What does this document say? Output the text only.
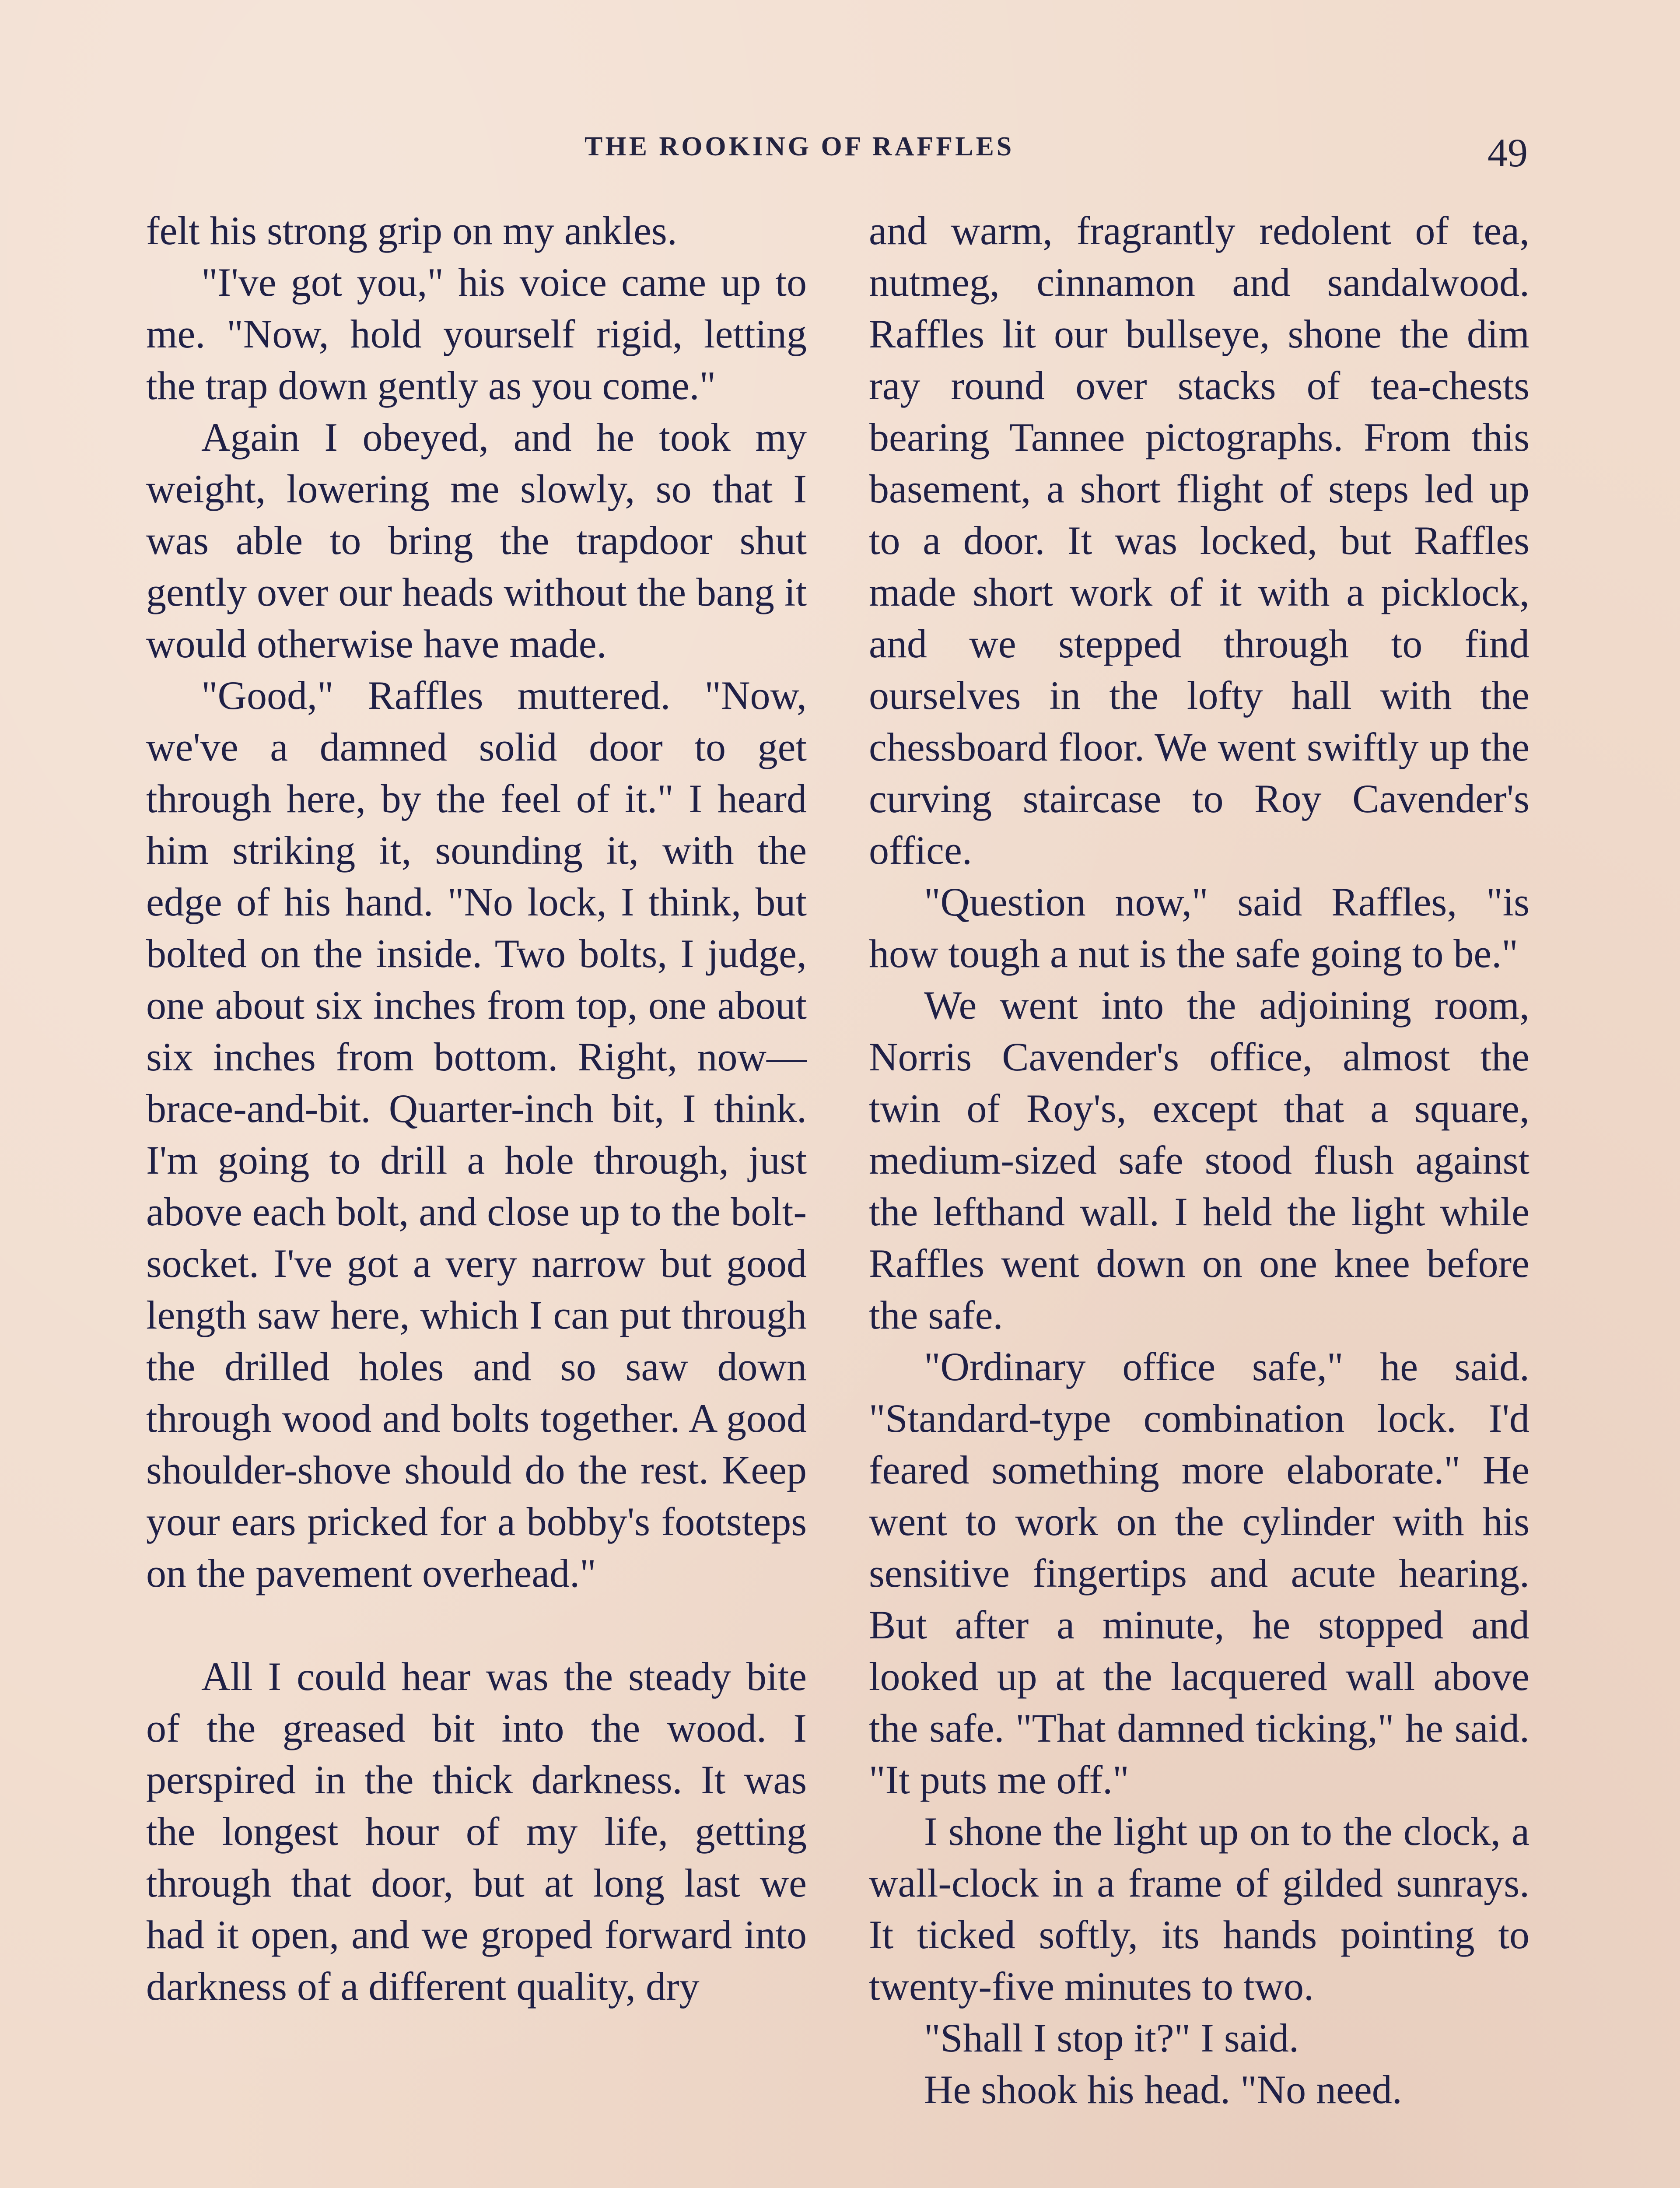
THE ROOKING OF RAFFLES	49

felt his strong grip on my ankles.

"I've got you," his voice came up to me. "Now, hold yourself rigid, letting the trap down gently as you come."

Again I obeyed, and he took my weight, lowering me slowly, so that I was able to bring the trapdoor shut gently over our heads without the bang it would otherwise have made.

"Good," Raffles muttered. "Now, we've a damned solid door to get through here, by the feel of it." I heard him striking it, sounding it, with the edge of his hand. "No lock, I think, but bolted on the inside. Two bolts, I judge, one about six inches from top, one about six inches from bottom. Right, now—brace-and-bit. Quarter-inch bit, I think. I'm going to drill a hole through, just above each bolt, and close up to the bolt-socket. I've got a very narrow but good length saw here, which I can put through the drilled holes and so saw down through wood and bolts together. A good shoulder-shove should do the rest. Keep your ears pricked for a bobby's footsteps on the pavement overhead."

All I could hear was the steady bite of the greased bit into the wood. I perspired in the thick darkness. It was the longest hour of my life, getting through that door, but at long last we had it open, and we groped forward into darkness of a different quality, dry

and warm, fragrantly redolent of tea, nutmeg, cinnamon and sandalwood. Raffles lit our bullseye, shone the dim ray round over stacks of tea-chests bearing Tannee pictographs. From this basement, a short flight of steps led up to a door. It was locked, but Raffles made short work of it with a picklock, and we stepped through to find ourselves in the lofty hall with the chessboard floor. We went swiftly up the curving staircase to Roy Cavender's office.

"Question now," said Raffles, "is how tough a nut is the safe going to be."

We went into the adjoining room, Norris Cavender's office, almost the twin of Roy's, except that a square, medium-sized safe stood flush against the lefthand wall. I held the light while Raffles went down on one knee before the safe.

"Ordinary office safe," he said. "Standard-type combination lock. I'd feared something more elaborate." He went to work on the cylinder with his sensitive fingertips and acute hearing. But after a minute, he stopped and looked up at the lacquered wall above the safe. "That damned ticking," he said. "It puts me off."

I shone the light up on to the clock, a wall-clock in a frame of gilded sunrays. It ticked softly, its hands pointing to twenty-five minutes to two.

"Shall I stop it?" I said.

He shook his head. "No need.
